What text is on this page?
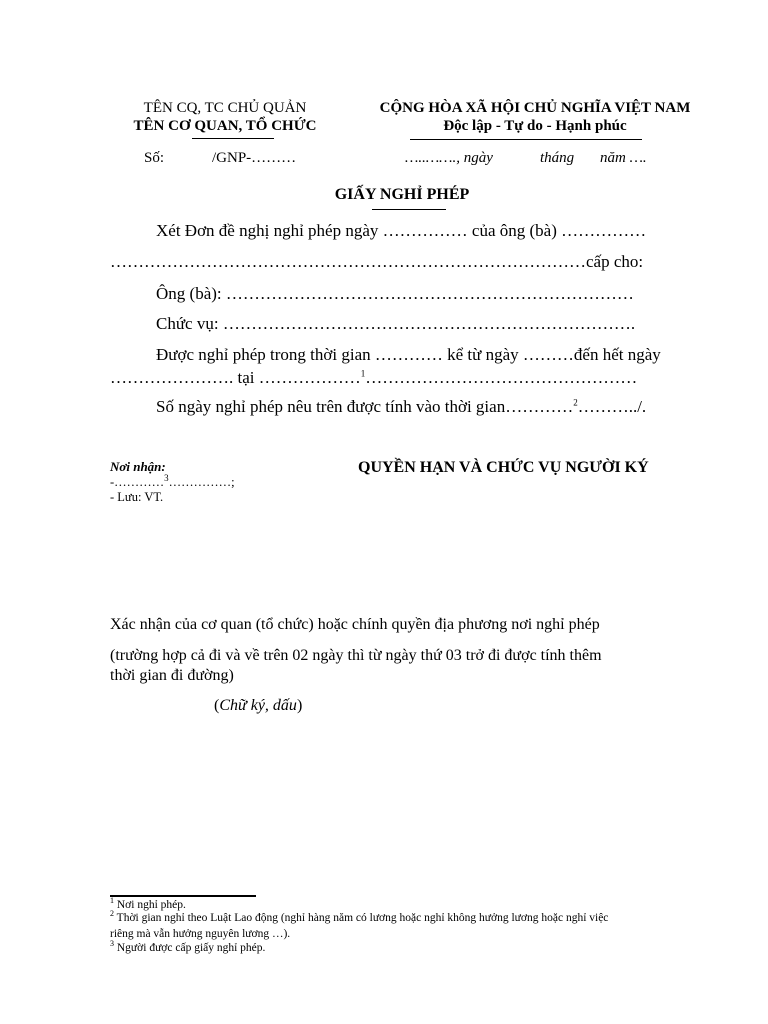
TÊN CQ, TC CHỦ QUẢN
TÊN CƠ QUAN, TỔ CHỨC
CỘNG HÒA XÃ HỘI CHỦ NGHĨA VIỆT NAM
Độc lập - Tự do - Hạnh phúc
Số:	/GNP-………	…..……., ngày	tháng năm ….
GIẤY NGHỈ PHÉP
Xét Đơn đề nghị nghỉ phép ngày …………… của ông (bà) ……………
…………………………………………………………………………cấp cho:
Ông (bà): ………………………………………………………………
Chức vụ: ……………………………………………………………….
Được nghỉ phép trong thời gian ………… kể từ ngày ………đến hết ngày
…………………. tại ………………$^1$…………………………………………
Số ngày nghỉ phép nêu trên được tính vào thời gian…………$^2$………../.
Nơi nhận:
-…………$^3$……………;
- Lưu: VT.
QUYỀN HẠN VÀ CHỨC VỤ NGƯỜI KÝ
Xác nhận của cơ quan (tổ chức) hoặc chính quyền địa phương nơi nghỉ phép
(trường hợp cả đi và về trên 02 ngày thì từ ngày thứ 03 trở đi được tính thêm
thời gian đi đường)
(Chữ ký, dấu)
$^1$ Nơi nghỉ phép.
$^2$ Thời gian nghỉ theo Luật Lao động (nghỉ hàng năm có lương hoặc nghỉ không hưởng lương hoặc nghỉ việc
riêng mà vẫn hưởng nguyên lương …).
$^3$ Người được cấp giấy nghỉ phép.
